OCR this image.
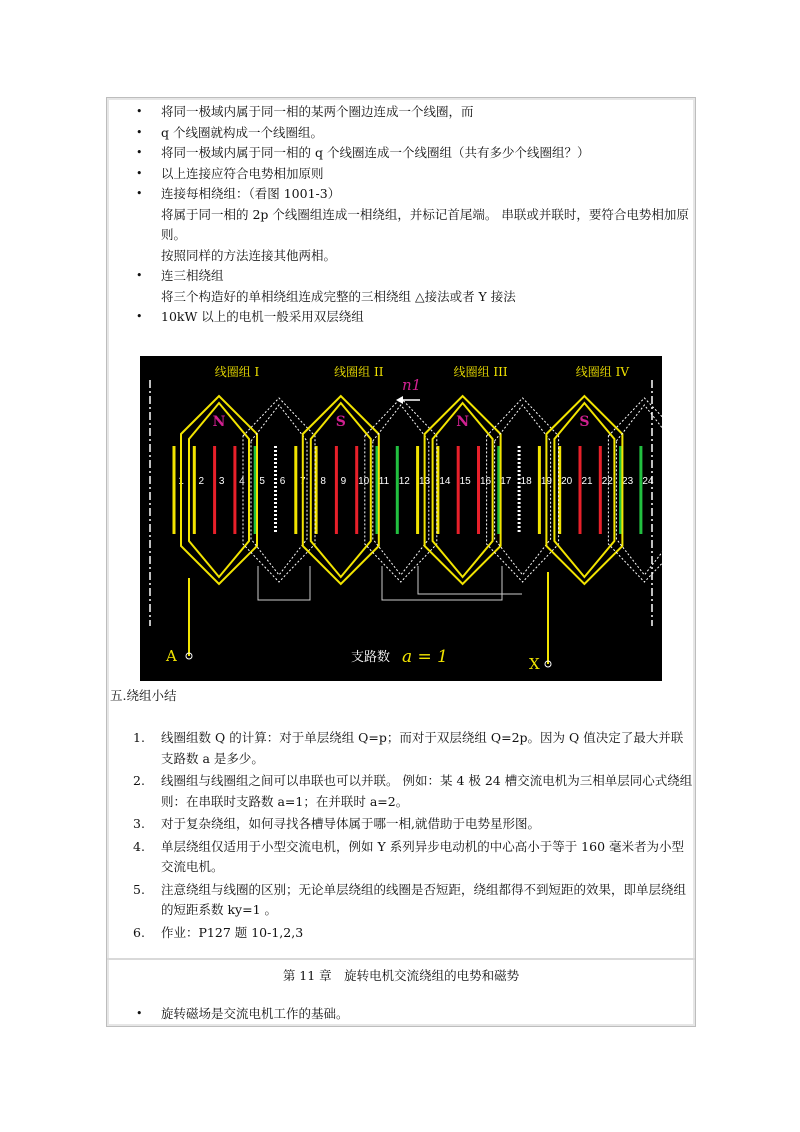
• 将同一极域内属于同一相的某两个圈边连成一个线圈，而
• q 个线圈就构成一个线圈组。
• 将同一极域内属于同一相的 q 个线圈连成一个线圈组（共有多少个线圈组？）
• 以上连接应符合电势相加原则
• 连接每相绕组：（看图 1001-3）
将属于同一相的 2p 个线圈组连成一相绕组，并标记首尾端。 串联或并联时，要符合电势相加原则。
按照同样的方法连接其他两相。
• 连三相绕组
将三个构造好的单相绕组连成完整的三相绕组 △接法或者 Y 接法
• 10kW 以上的电机一般采用双层绕组
1 2 3 4 5 6 7 8 9 10 11 12 13 14 15 16 17 18 19 20 21 22 23 24
线圈组 I
N
线圈组 II
S
线圈组 III
N
线圈组 IV
S
A	X
n1
支路数 a = 1
五.绕组小结
1. 线圈组数 Q 的计算：对于单层绕组 Q=p；而对于双层绕组 Q=2p。因为 Q 值决定了最大并联支路数 a 是多少。
2. 线圈组与线圈组之间可以串联也可以并联。 例如：某 4 极 24 槽交流电机为三相单层同心式绕组则：在串联时支路数 a=1；在并联时 a=2。
3. 对于复杂绕组，如何寻找各槽导体属于哪一相,就借助于电势星形图。
4. 单层绕组仅适用于小型交流电机，例如 Y 系列异步电动机的中心高小于等于 160 毫米者为小型交流电机。
5. 注意绕组与线圈的区别；无论单层绕组的线圈是否短距，绕组都得不到短距的效果，即单层绕组的短距系数 ky=1 。
6. 作业：P127 题 10-1,2,3
第 11 章　旋转电机交流绕组的电势和磁势
• 旋转磁场是交流电机工作的基础。
